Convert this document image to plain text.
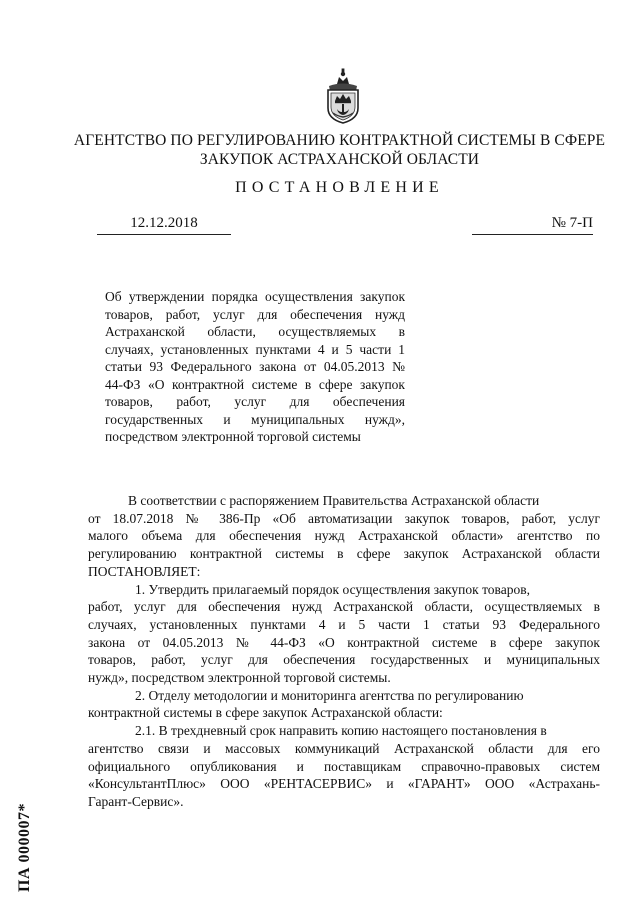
АГЕНТСТВО ПО РЕГУЛИРОВАНИЮ КОНТРАКТНОЙ СИСТЕМЫ В СФЕРЕ
ЗАКУПОК АСТРАХАНСКОЙ ОБЛАСТИ
ПОСТАНОВЛЕНИЕ
12.12.2018	№ 7-П
Об утверждении порядка осуществления закупок
товаров, работ, услуг для обеспечения нужд
Астраханской области, осуществляемых в
случаях, установленных пунктами 4 и 5 части 1
статьи 93 Федерального закона от 04.05.2013 №
44-ФЗ «О контрактной системе в сфере закупок
товаров, работ, услуг для обеспечения
государственных и муниципальных нужд»,
посредством электронной торговой системы
В соответствии с распоряжением Правительства Астраханской области
от 18.07.2018 № 386-Пр «Об автоматизации закупок товаров, работ, услуг
малого объема для обеспечения нужд Астраханской области» агентство по
регулированию контрактной системы в сфере закупок Астраханской области
ПОСТАНОВЛЯЕТ:
1. Утвердить прилагаемый порядок осуществления закупок товаров,
работ, услуг для обеспечения нужд Астраханской области, осуществляемых в
случаях, установленных пунктами 4 и 5 части 1 статьи 93 Федерального
закона от 04.05.2013 № 44-ФЗ «О контрактной системе в сфере закупок
товаров, работ, услуг для обеспечения государственных и муниципальных
нужд», посредством электронной торговой системы.
2. Отделу методологии и мониторинга агентства по регулированию
контрактной системы в сфере закупок Астраханской области:
2.1. В трехдневный срок направить копию настоящего постановления в
агентство связи и массовых коммуникаций Астраханской области для его
официального опубликования и поставщикам справочно-правовых систем
«КонсультантПлюс» ООО «РЕНТАСЕРВИС» и «ГАРАНТ» ООО «Астрахань-
Гарант-Сервис».
ПА 000007*
